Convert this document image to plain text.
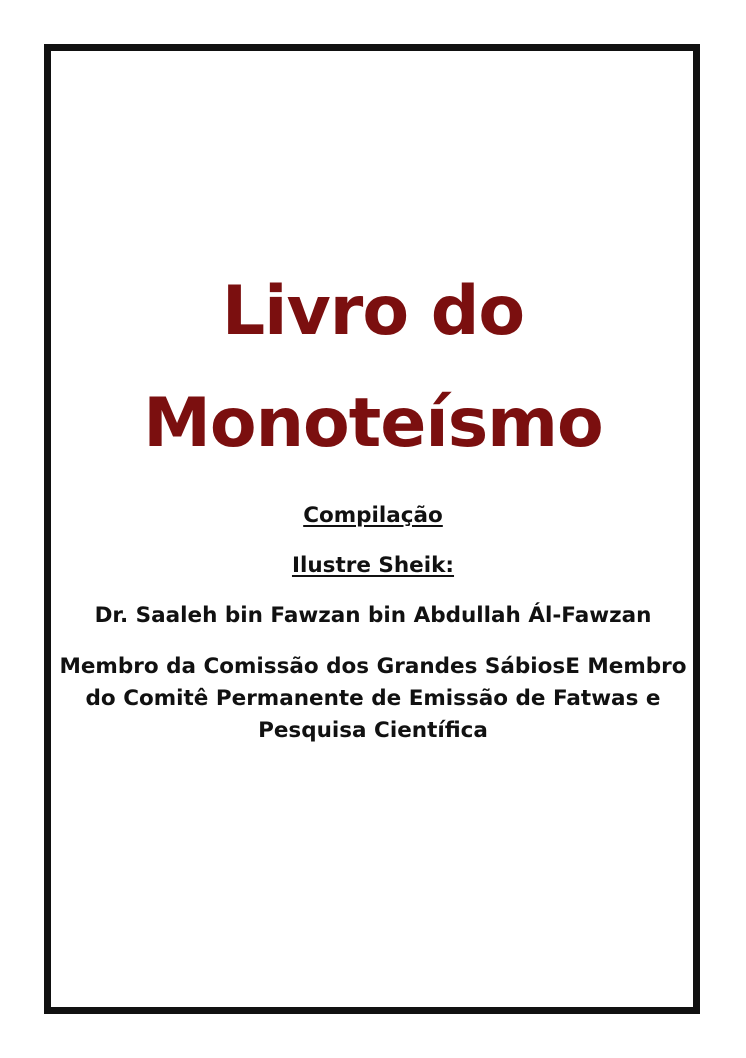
Livro do
Monoteísmo
Compilação
Ilustre Sheik:
Dr. Saaleh bin Fawzan bin Abdullah Ál-Fawzan
Membro da Comissão dos Grandes SábiosE Membro do Comitê Permanente de Emissão de Fatwas e Pesquisa Científica
